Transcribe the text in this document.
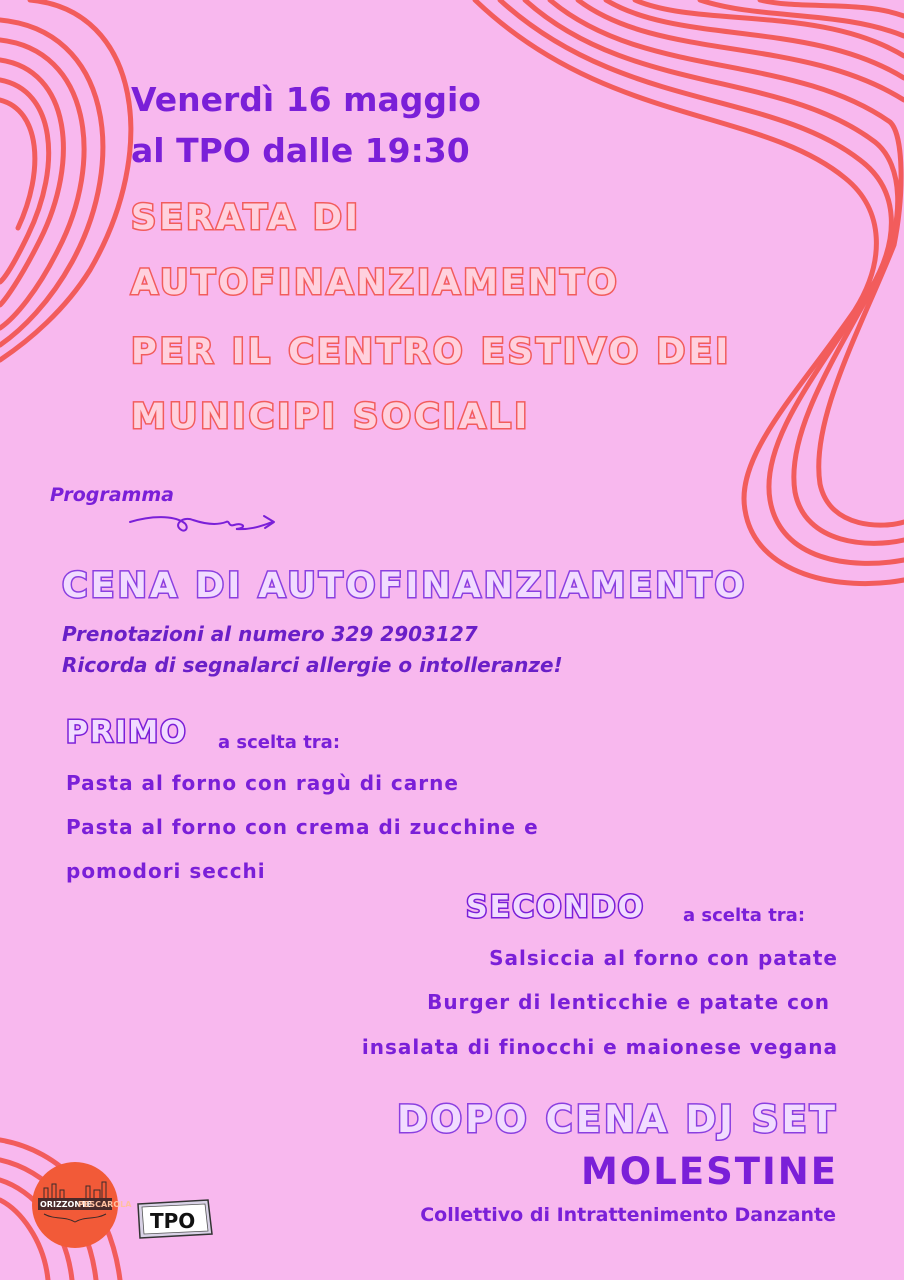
Venerdì 16 maggio

al TPO dalle 19:30

SERATA DI

AUTOFINANZIAMENTO

PER IL CENTRO ESTIVO DEI

MUNICIPI SOCIALI

Programma

CENA DI AUTOFINANZIAMENTO

Prenotazioni al numero 329 2903127

Ricorda di segnalarci allergie o intolleranze!

PRIMO a scelta tra:

Pasta al forno con ragù di carne

Pasta al forno con crema di zucchine e

pomodori secchi

SECONDO a scelta tra:

Salsiccia al forno con patate

Burger di lenticchie e patate con

insalata di finocchi e maionese vegana

DOPO CENA DJ SET

MOLESTINE

Collettivo di Intrattenimento Danzante

ORIZZONTE
PESCAROLA
TPO
